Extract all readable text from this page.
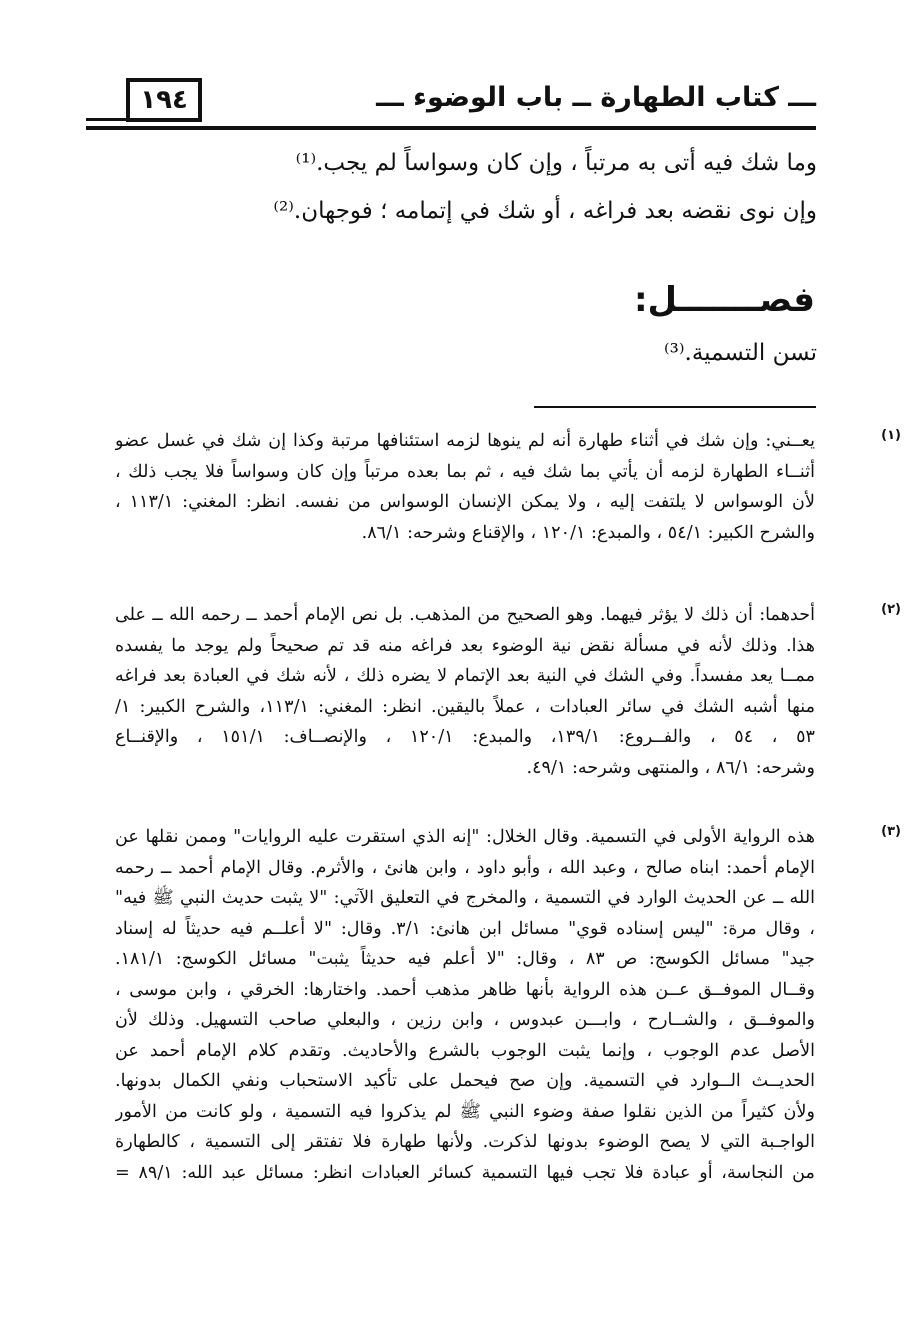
١٩٤	ـــ كتاب الطهارة ــ باب الوضوء ـــ
وما شك فيه أتى به مرتباً ، وإن كان وسواساً لم يجب.⁽¹⁾
وإن نوى نقضه بعد فراغه ، أو شك في إتمامه ؛ فوجهان.⁽²⁾
فصـــــــل:
تسن التسمية.⁽³⁾
(١)
يعــني: وإن شك في أثناء طهارة أنه لم ينوها لزمه استئنافها مرتبة وكذا إن شك في غسل عضو
أثنــاء الطهارة لزمه أن يأتي بما شك فيه ، ثم بما بعده مرتباً وإن كان وسواساً فلا يجب ذلك ،
لأن الوسواس لا يلتفت إليه ، ولا يمكن الإنسان الوسواس من نفسه. انظر: المغني: ١١٣/١ ،
والشرح الكبير: ٥٤/١ ، والمبدع: ١٢٠/١ ، والإقناع وشرحه: ٨٦/١.
(٢)
أحدهما: أن ذلك لا يؤثر فيهما. وهو الصحيح من المذهب. بل نص الإمام أحمد ــ رحمه الله ــ على
هذا. وذلك لأنه في مسألة نقض نية الوضوء بعد فراغه منه قد تم صحيحاً ولم يوجد ما يفسده
ممــا يعد مفسداً. وفي الشك في النية بعد الإتمام لا يضره ذلك ، لأنه شك في العبادة بعد فراغه
منها أشبه الشك في سائر العبادات ، عملاً باليقين. انظر: المغني: ١١٣/١، والشرح الكبير: ١/
٥٣ ، ٥٤ ، والفــروع: ١٣٩/١، والمبدع: ١٢٠/١ ، والإنصــاف: ١٥١/١ ، والإقنــاع
وشرحه: ٨٦/١ ، والمنتهى وشرحه: ٤٩/١.
(٣)
هذه الرواية الأولى في التسمية. وقال الخلال: "إنه الذي استقرت عليه الروايات" وممن نقلها عن
الإمام أحمد: ابناه صالح ، وعبد الله ، وأبو داود ، وابن هانئ ، والأثرم. وقال الإمام أحمد ــ رحمه
الله ــ عن الحديث الوارد في التسمية ، والمخرج في التعليق الآتي: "لا يثبت حديث النبي ﷺ فيه"
، وقال مرة: "ليس إسناده قوي" مسائل ابن هانئ: ٣/١. وقال: "لا أعلــم فيه حديثاً له إسناد
جيد" مسائل الكوسج: ص ٨٣ ، وقال: "لا أعلم فيه حديثاً يثبت" مسائل الكوسج: ١٨١/١.
وقــال الموفــق عــن هذه الرواية بأنها ظاهر مذهب أحمد. واختارها: الخرقي ، وابن موسى ،
والموفــق ، والشــارح ، وابـــن عبدوس ، وابن رزين ، والبعلي صاحب التسهيل. وذلك لأن
الأصل عدم الوجوب ، وإنما يثبت الوجوب بالشرع والأحاديث. وتقدم كلام الإمام أحمد عن
الحديــث الــوارد في التسمية. وإن صح فيحمل على تأكيد الاستحباب ونفي الكمال بدونها.
ولأن كثيراً من الذين نقلوا صفة وضوء النبي ﷺ لم يذكروا فيه التسمية ، ولو كانت من الأمور
الواجـبة التي لا يصح الوضوء بدونها لذكرت. ولأنها طهارة فلا تفتقر إلى التسمية ، كالطهارة
من النجاسة، أو عبادة فلا تجب فيها التسمية كسائر العبادات انظر: مسائل عبد الله: ٨٩/١ =
